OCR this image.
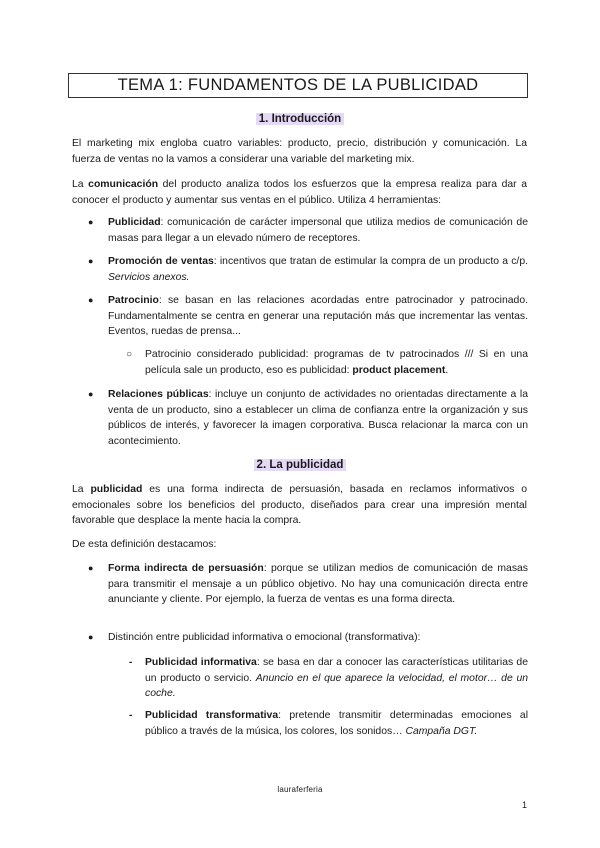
TEMA 1: FUNDAMENTOS DE LA PUBLICIDAD
1. Introducción

El marketing mix engloba cuatro variables: producto, precio, distribución y comunicación. La fuerza de ventas no la vamos a considerar una variable del marketing mix.

La comunicación del producto analiza todos los esfuerzos que la empresa realiza para dar a conocer el producto y aumentar sus ventas en el público. Utiliza 4 herramientas:

● Publicidad: comunicación de carácter impersonal que utiliza medios de comunicación de masas para llegar a un elevado número de receptores.
● Promoción de ventas: incentivos que tratan de estimular la compra de un producto a c/p. Servicios anexos.
● Patrocinio: se basan en las relaciones acordadas entre patrocinador y patrocinado. Fundamentalmente se centra en generar una reputación más que incrementar las ventas. Eventos, ruedas de prensa...
○ Patrocinio considerado publicidad: programas de tv patrocinados /// Si en una película sale un producto, eso es publicidad: product placement.
● Relaciones públicas: incluye un conjunto de actividades no orientadas directamente a la venta de un producto, sino a establecer un clima de confianza entre la organización y sus públicos de interés, y favorecer la imagen corporativa. Busca relacionar la marca con un acontecimiento.
2. La publicidad

La publicidad es una forma indirecta de persuasión, basada en reclamos informativos o emocionales sobre los beneficios del producto, diseñados para crear una impresión mental favorable que desplace la mente hacia la compra.

De esta definición destacamos:

● Forma indirecta de persuasión: porque se utilizan medios de comunicación de masas para transmitir el mensaje a un público objetivo. No hay una comunicación directa entre anunciante y cliente. Por ejemplo, la fuerza de ventas es una forma directa.
● Distinción entre publicidad informativa o emocional (transformativa):
- Publicidad informativa: se basa en dar a conocer las características utilitarias de un producto o servicio. Anuncio en el que aparece la velocidad, el motor… de un coche.
- Publicidad transformativa: pretende transmitir determinadas emociones al público a través de la música, los colores, los sonidos… Campaña DGT.
lauraferferia
1
